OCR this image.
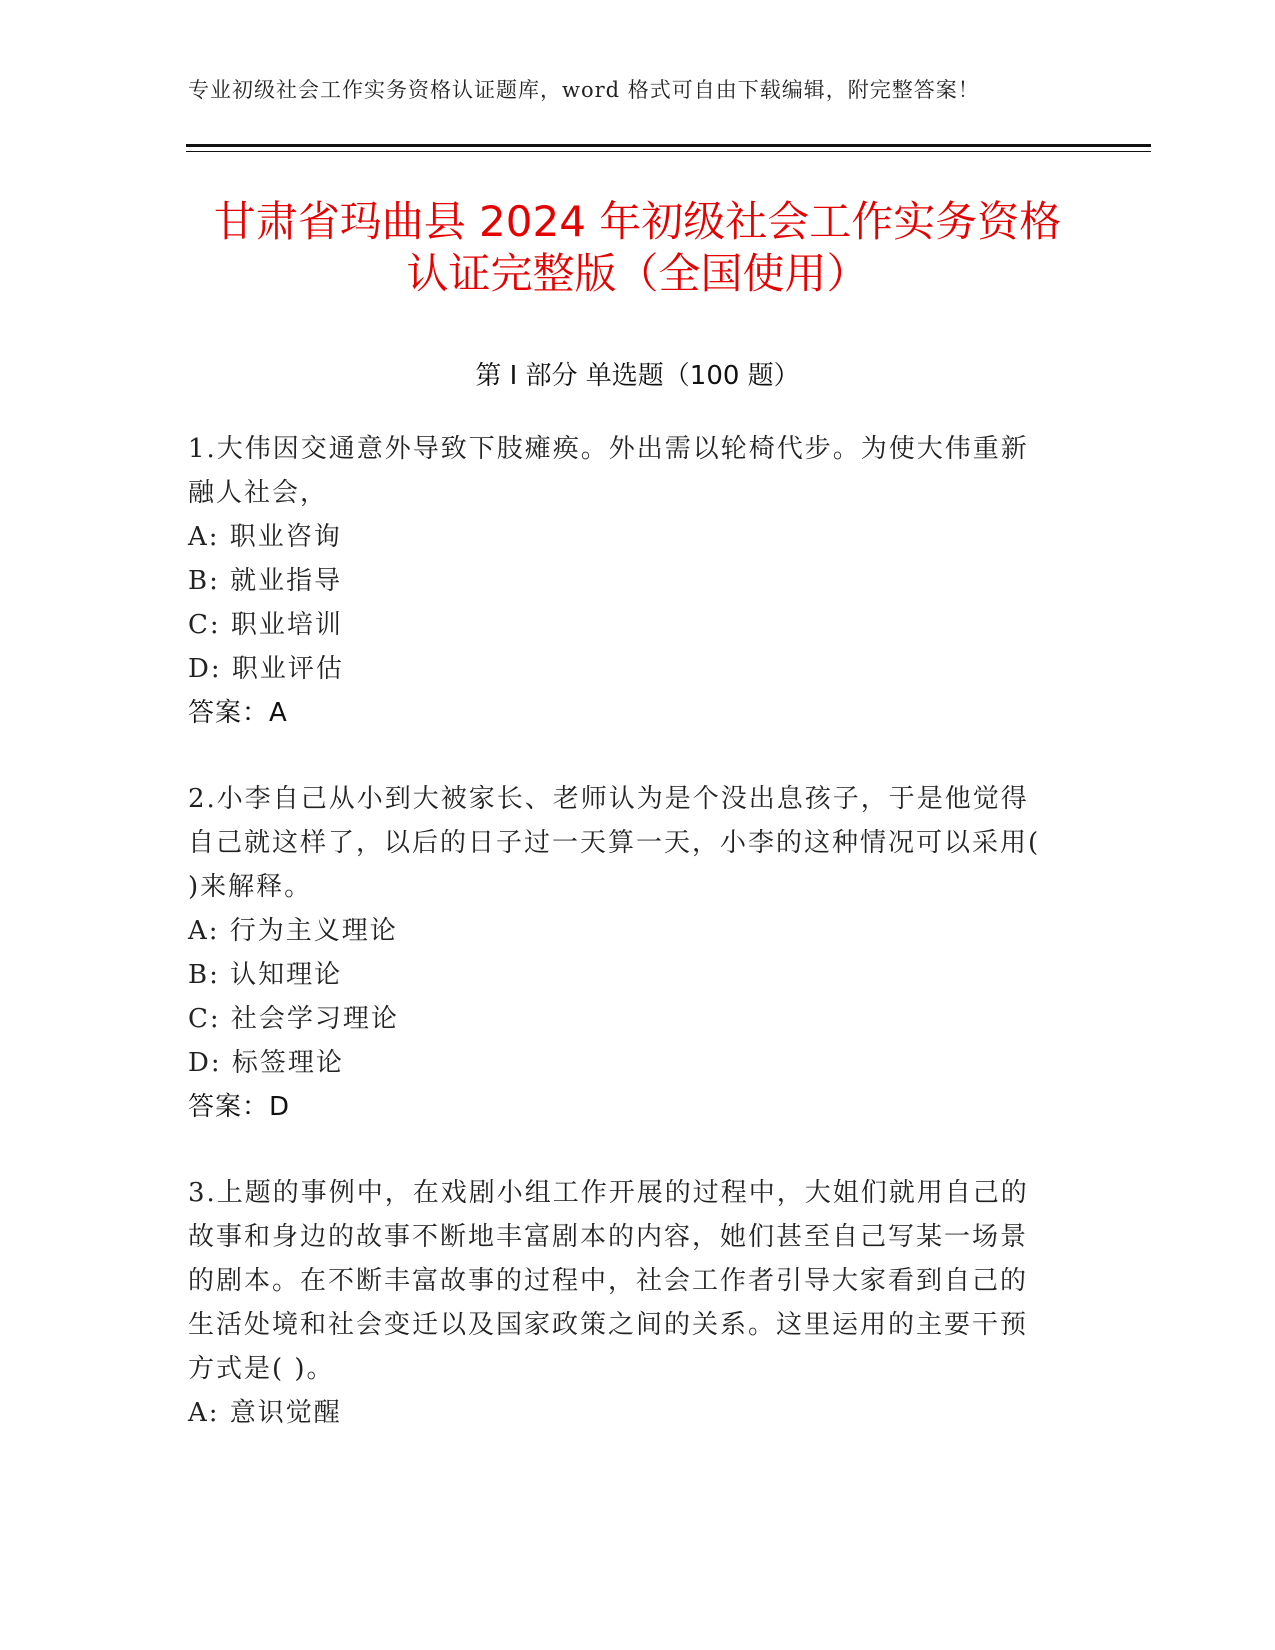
专业初级社会工作实务资格认证题库，word 格式可自由下载编辑，附完整答案！
甘肃省玛曲县 2024 年初级社会工作实务资格
认证完整版（全国使用）
第 I 部分 单选题（100 题）
1.大伟因交通意外导致下肢瘫痪。外出需以轮椅代步。为使大伟重新
融人社会，
A: 职业咨询
B: 就业指导
C: 职业培训
D: 职业评估
答案：A
2.小李自己从小到大被家长、老师认为是个没出息孩子，于是他觉得
自己就这样了，以后的日子过一天算一天，小李的这种情况可以采用(
)来解释。
A: 行为主义理论
B: 认知理论
C: 社会学习理论
D: 标签理论
答案：D
3.上题的事例中，在戏剧小组工作开展的过程中，大姐们就用自己的
故事和身边的故事不断地丰富剧本的内容，她们甚至自己写某一场景
的剧本。在不断丰富故事的过程中，社会工作者引导大家看到自己的
生活处境和社会变迁以及国家政策之间的关系。这里运用的主要干预
方式是( )。
A: 意识觉醒
